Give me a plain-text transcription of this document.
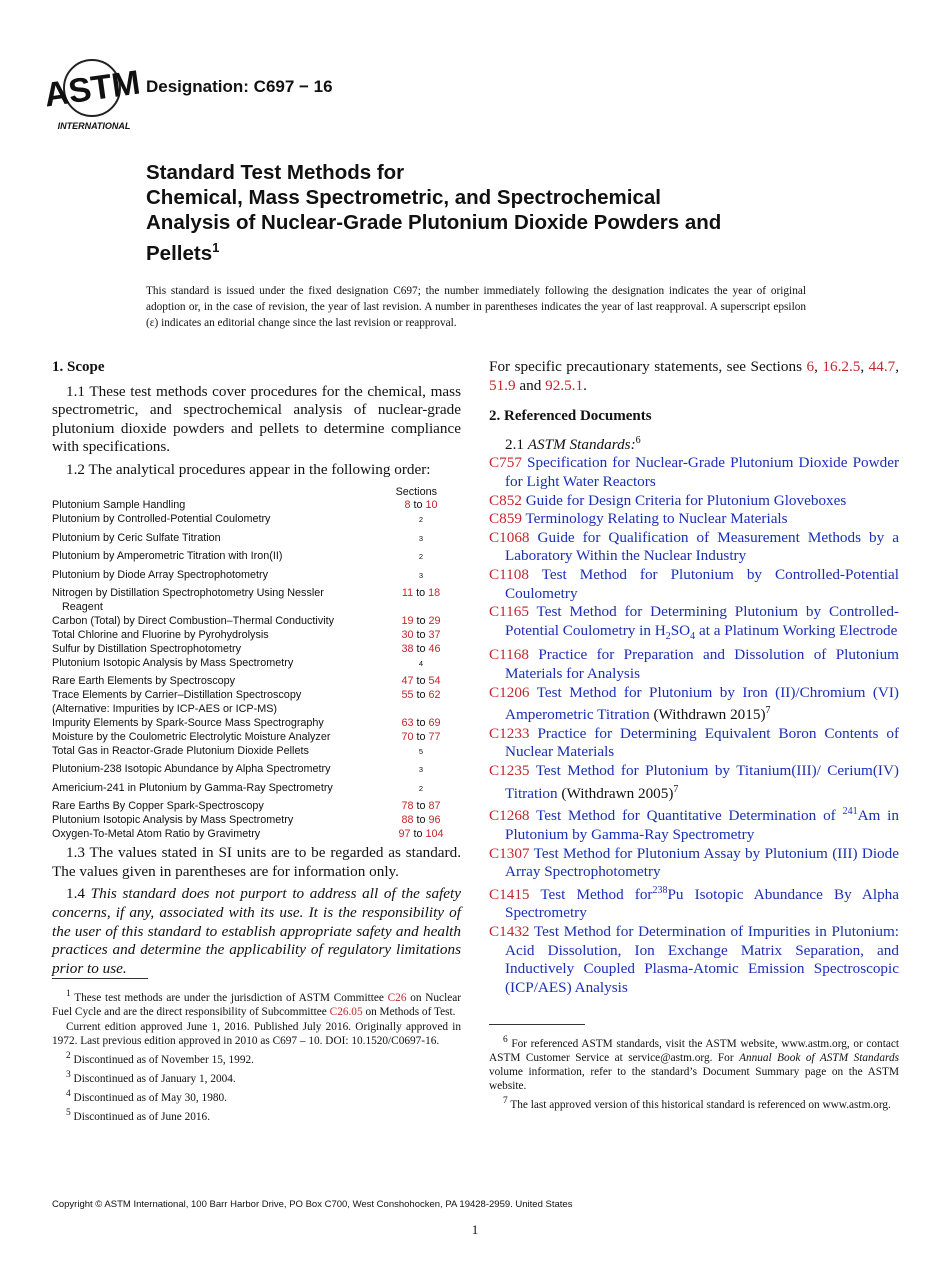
ASTM
INTERNATIONAL
Designation: C697 − 16
Standard Test Methods for
Chemical, Mass Spectrometric, and Spectrochemical
Analysis of Nuclear-Grade Plutonium Dioxide Powders and
Pellets$^1$
This standard is issued under the fixed designation C697; the number immediately following the designation indicates the year of original adoption or, in the case of revision, the year of last revision. A number in parentheses indicates the year of last reapproval. A superscript epsilon (ε) indicates an editorial change since the last revision or reapproval.
1. Scope
1.1 These test methods cover procedures for the chemical, mass spectrometric, and spectrochemical analysis of nuclear-grade plutonium dioxide powders and pellets to determine compliance with specifications.
1.2 The analytical procedures appear in the following order:
Sections
Plutonium Sample Handling	8 to 10
Plutonium by Controlled-Potential Coulometry	$^2$
Plutonium by Ceric Sulfate Titration	$^3$
Plutonium by Amperometric Titration with Iron(II)	$^2$
Plutonium by Diode Array Spectrophotometry	$^3$
Nitrogen by Distillation Spectrophotometry Using Nessler	11 to 18
Reagent
Carbon (Total) by Direct Combustion–Thermal Conductivity	19 to 29
Total Chlorine and Fluorine by Pyrohydrolysis	30 to 37
Sulfur by Distillation Spectrophotometry	38 to 46
Plutonium Isotopic Analysis by Mass Spectrometry	$^4$
Rare Earth Elements by Spectroscopy	47 to 54
Trace Elements by Carrier–Distillation Spectroscopy	55 to 62
(Alternative: Impurities by ICP-AES or ICP-MS)
Impurity Elements by Spark-Source Mass Spectrography	63 to 69
Moisture by the Coulometric Electrolytic Moisture Analyzer	70 to 77
Total Gas in Reactor-Grade Plutonium Dioxide Pellets	$^5$
Plutonium-238 Isotopic Abundance by Alpha Spectrometry	$^3$
Americium-241 in Plutonium by Gamma-Ray Spectrometry	$^2$
Rare Earths By Copper Spark-Spectroscopy	78 to 87
Plutonium Isotopic Analysis by Mass Spectrometry	88 to 96
Oxygen-To-Metal Atom Ratio by Gravimetry	97 to 104
1.3 The values stated in SI units are to be regarded as standard. The values given in parentheses are for information only.
1.4 This standard does not purport to address all of the safety concerns, if any, associated with its use. It is the responsibility of the user of this standard to establish appropriate safety and health practices and determine the applicability of regulatory limitations prior to use.
For specific precautionary statements, see Sections 6, 16.2.5, 44.7, 51.9 and 92.5.1.
2. Referenced Documents
2.1 ASTM Standards:$^6$
C757 Specification for Nuclear-Grade Plutonium Dioxide Powder for Light Water Reactors
C852 Guide for Design Criteria for Plutonium Gloveboxes
C859 Terminology Relating to Nuclear Materials
C1068 Guide for Qualification of Measurement Methods by a Laboratory Within the Nuclear Industry
C1108 Test Method for Plutonium by Controlled-Potential Coulometry
C1165 Test Method for Determining Plutonium by Controlled-Potential Coulometry in $H_2SO_4$ at a Platinum Working Electrode
C1168 Practice for Preparation and Dissolution of Plutonium Materials for Analysis
C1206 Test Method for Plutonium by Iron (II)/Chromium (VI) Amperometric Titration (Withdrawn 2015)$^7$
C1233 Practice for Determining Equivalent Boron Contents of Nuclear Materials
C1235 Test Method for Plutonium by Titanium(III)/ Cerium(IV) Titration (Withdrawn 2005)$^7$
C1268 Test Method for Quantitative Determination of $^{241}$Am in Plutonium by Gamma-Ray Spectrometry
C1307 Test Method for Plutonium Assay by Plutonium (III) Diode Array Spectrophotometry
C1415 Test Method for$^{238}$Pu Isotopic Abundance By Alpha Spectrometry
C1432 Test Method for Determination of Impurities in Plutonium: Acid Dissolution, Ion Exchange Matrix Separation, and Inductively Coupled Plasma-Atomic Emission Spectroscopic (ICP/AES) Analysis

$^1$ These test methods are under the jurisdiction of ASTM Committee C26 on Nuclear Fuel Cycle and are the direct responsibility of Subcommittee C26.05 on Methods of Test.

Current edition approved June 1, 2016. Published July 2016. Originally approved in 1972. Last previous edition approved in 2010 as C697 – 10. DOI: 10.1520/C0697-16.

$^2$ Discontinued as of November 15, 1992.

$^3$ Discontinued as of January 1, 2004.

$^4$ Discontinued as of May 30, 1980.

$^5$ Discontinued as of June 2016.

$^6$ For referenced ASTM standards, visit the ASTM website, www.astm.org, or contact ASTM Customer Service at service@astm.org. For Annual Book of ASTM Standards volume information, refer to the standard’s Document Summary page on the ASTM website.

$^7$ The last approved version of this historical standard is referenced on www.astm.org.

Copyright © ASTM International, 100 Barr Harbor Drive, PO Box C700, West Conshohocken, PA 19428-2959. United States
1
